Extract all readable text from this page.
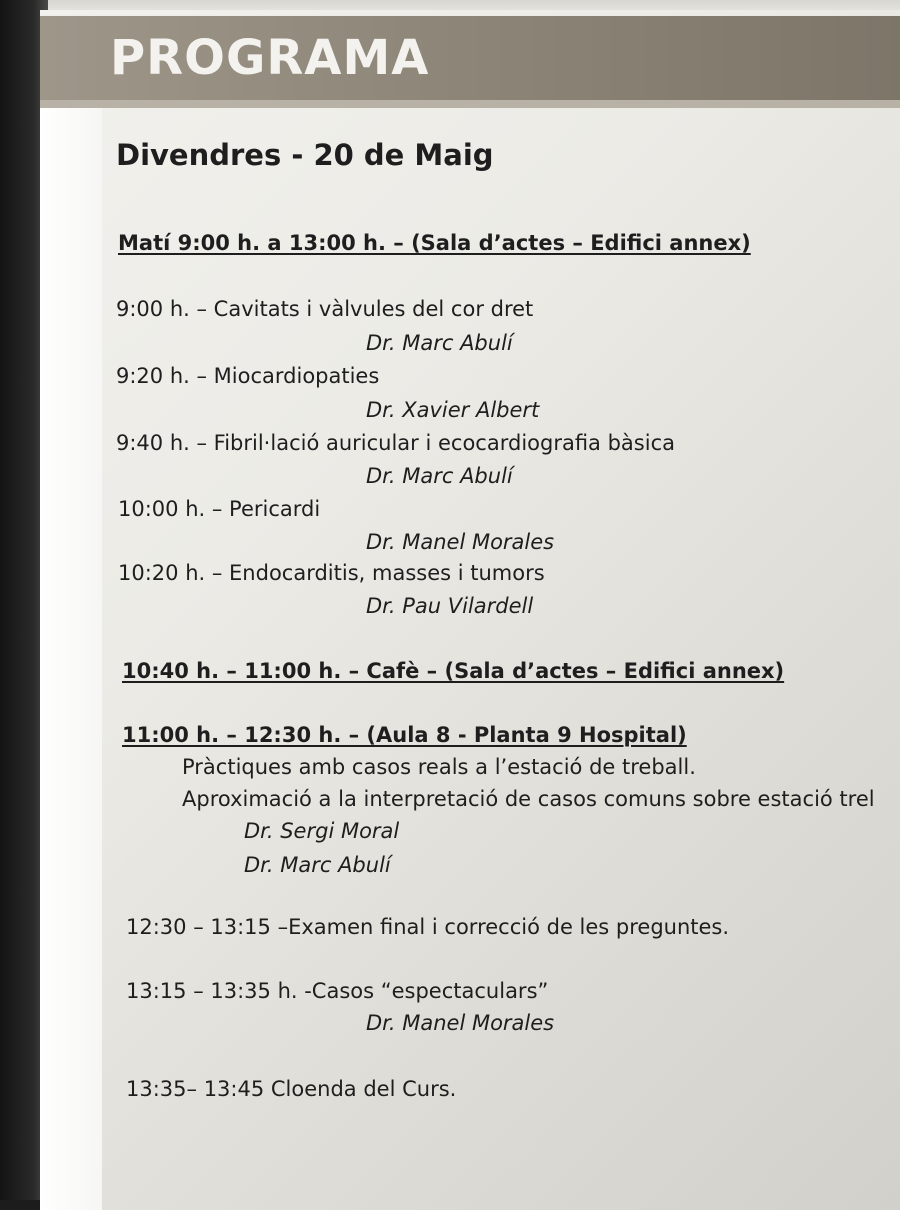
PROGRAMA
Divendres - 20 de Maig
Matí 9:00 h. a 13:00 h. – (Sala d’actes – Edifici annex)
9:00 h. – Cavitats i vàlvules del cor dret
Dr. Marc Abulí
9:20 h. – Miocardiopaties
Dr. Xavier Albert
9:40 h. – Fibril·lació auricular i ecocardiografia bàsica
Dr. Marc Abulí
10:00 h. – Pericardi
Dr. Manel Morales
10:20 h. – Endocarditis, masses i tumors
Dr. Pau Vilardell
10:40 h. – 11:00 h. – Cafè – (Sala d’actes – Edifici annex)
11:00 h. – 12:30 h. – (Aula 8 - Planta 9 Hospital)
Pràctiques amb casos reals a l’estació de treball.
Aproximació a la interpretació de casos comuns sobre estació trel
Dr. Sergi Moral
Dr. Marc Abulí
12:30 – 13:15 –Examen final i correcció de les preguntes.
13:15 – 13:35 h. -Casos “espectaculars”
Dr. Manel Morales
13:35– 13:45 Cloenda del Curs.
